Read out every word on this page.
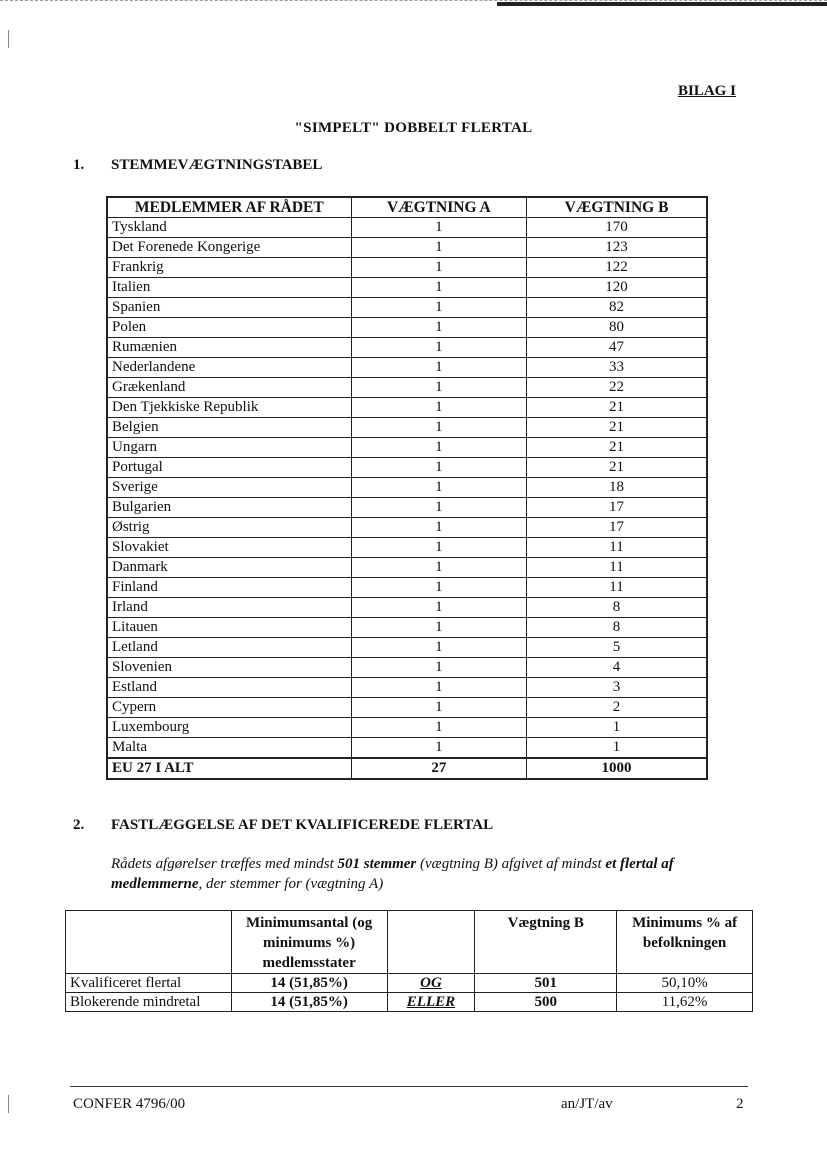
BILAG I
"SIMPELT" DOBBELT FLERTAL
1. STEMMEVÆGTNINGSTABEL
MEDLEMMER AF RÅDET	VÆGTNING A	VÆGTNING B
Tyskland	1	170
Det Forenede Kongerige	1	123
Frankrig	1	122
Italien	1	120
Spanien	1	82
Polen	1	80
Rumænien	1	47
Nederlandene	1	33
Grækenland	1	22
Den Tjekkiske Republik	1	21
Belgien	1	21
Ungarn	1	21
Portugal	1	21
Sverige	1	18
Bulgarien	1	17
Østrig	1	17
Slovakiet	1	11
Danmark	1	11
Finland	1	11
Irland	1	8
Litauen	1	8
Letland	1	5
Slovenien	1	4
Estland	1	3
Cypern	1	2
Luxembourg	1	1
Malta	1	1
EU 27 I ALT	27	1000
2. FASTLÆGGELSE AF DET KVALIFICEREDE FLERTAL
Rådets afgørelser træffes med mindst 501 stemmer (vægtning B) afgivet af mindst et flertal af medlemmerne, der stemmer for (vægtning A)
	Minimumsantal (og minimums %) medlemsstater		Vægtning B	Minimums % af befolkningen
Kvalificeret flertal	14 (51,85%)	OG	501	50,10%
Blokerende mindretal	14 (51,85%)	ELLER	500	11,62%
CONFER 4796/00	an/JT/av	2
